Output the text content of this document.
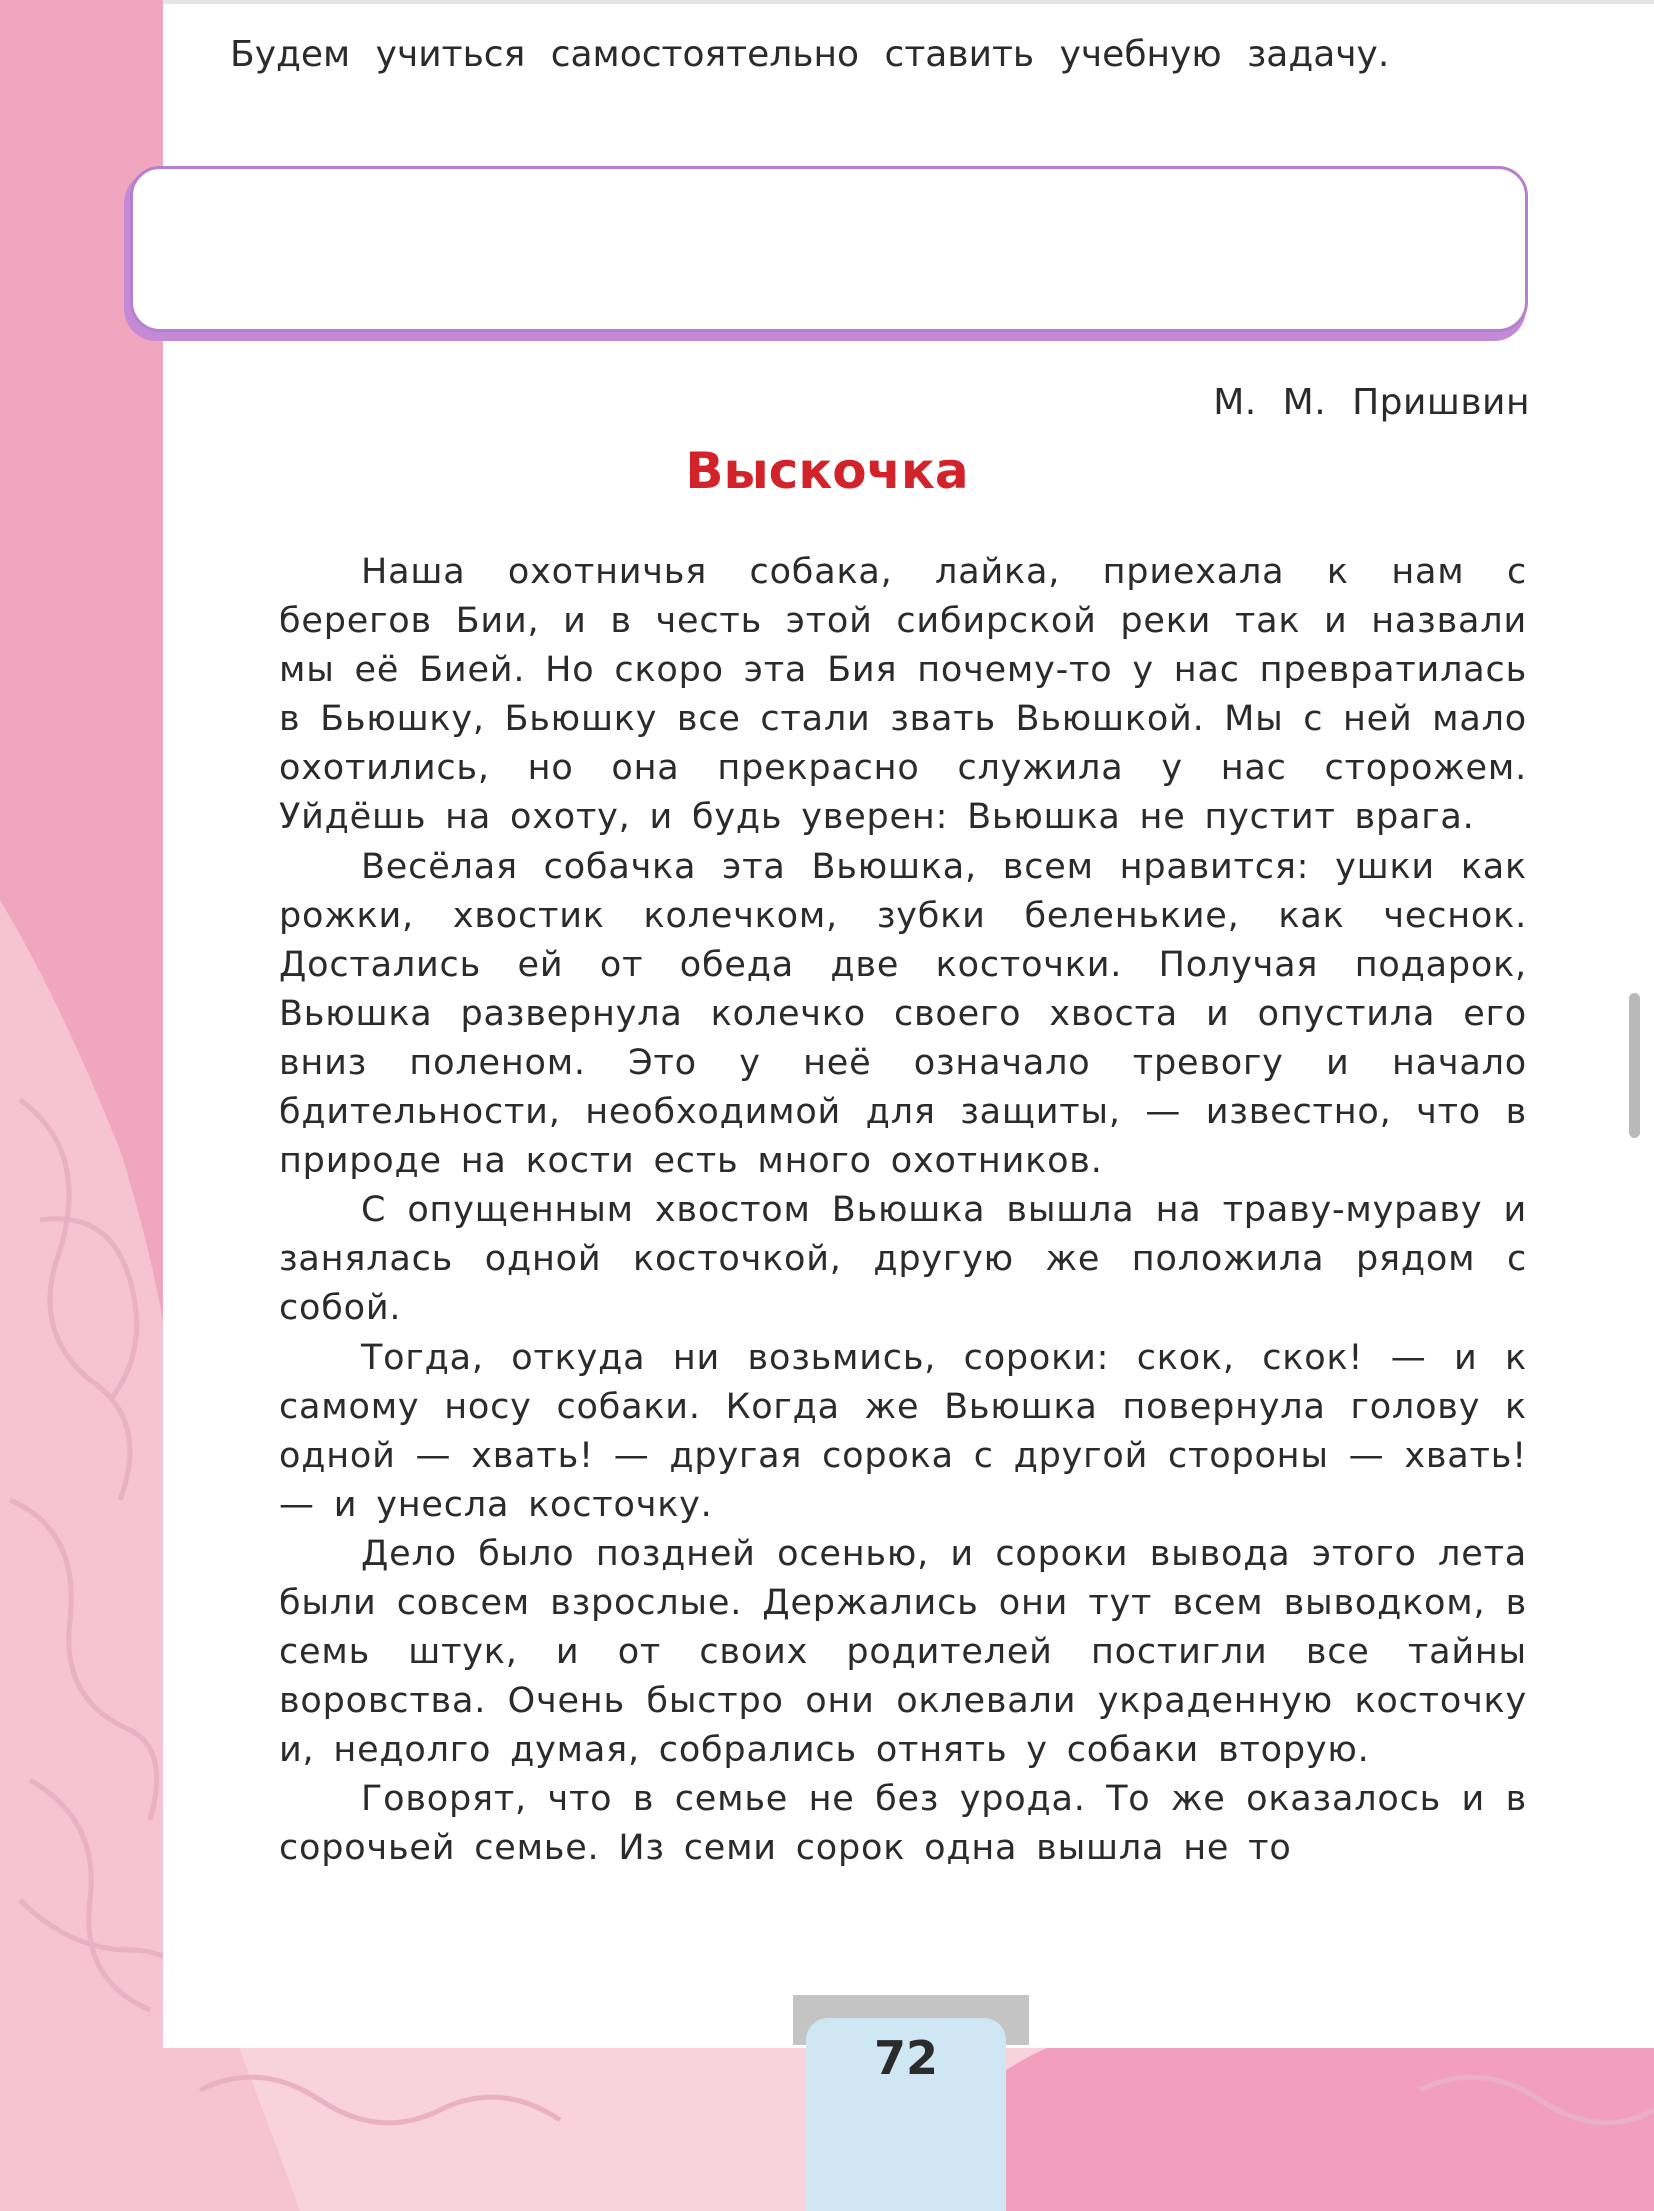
Будем учиться самостоятельно ставить учебную задачу.

М. М. Пришвин

Выскочка

Наша охотничья собака, лайка, приехала к нам с берегов Бии, и в честь этой сибирской реки так и назвали мы её Бией. Но скоро эта Бия почему-то у нас превратилась в Бьюшку, Бьюшку все стали звать Вьюшкой. Мы с ней мало охотились, но она прекрасно служила у нас сторожем. Уйдёшь на охоту, и будь уверен: Вьюшка не пустит врага.

Весёлая собачка эта Вьюшка, всем нравится: ушки как рожки, хвостик колечком, зубки беленькие, как чеснок. Достались ей от обеда две косточки. Получая подарок, Вьюшка развернула колечко своего хвоста и опустила его вниз поленом. Это у неё означало тревогу и начало бдительности, необходимой для защиты, — известно, что в природе на кости есть много охотников.

С опущенным хвостом Вьюшка вышла на траву-мураву и занялась одной косточкой, другую же положила рядом с собой.

Тогда, откуда ни возьмись, сороки: скок, скок! — и к самому носу собаки. Когда же Вьюшка повернула голову к одной — хвать! — другая сорока с другой стороны — хвать! — и унесла косточку.

Дело было поздней осенью, и сороки вывода этого лета были совсем взрослые. Держались они тут всем выводком, в семь штук, и от своих родителей постигли все тайны воровства. Очень быстро они оклевали украденную косточку и, недолго думая, собрались отнять у собаки вторую.

Говорят, что в семье не без урода. То же оказалось и в сорочьей семье. Из семи сорок одна вышла не то

72
